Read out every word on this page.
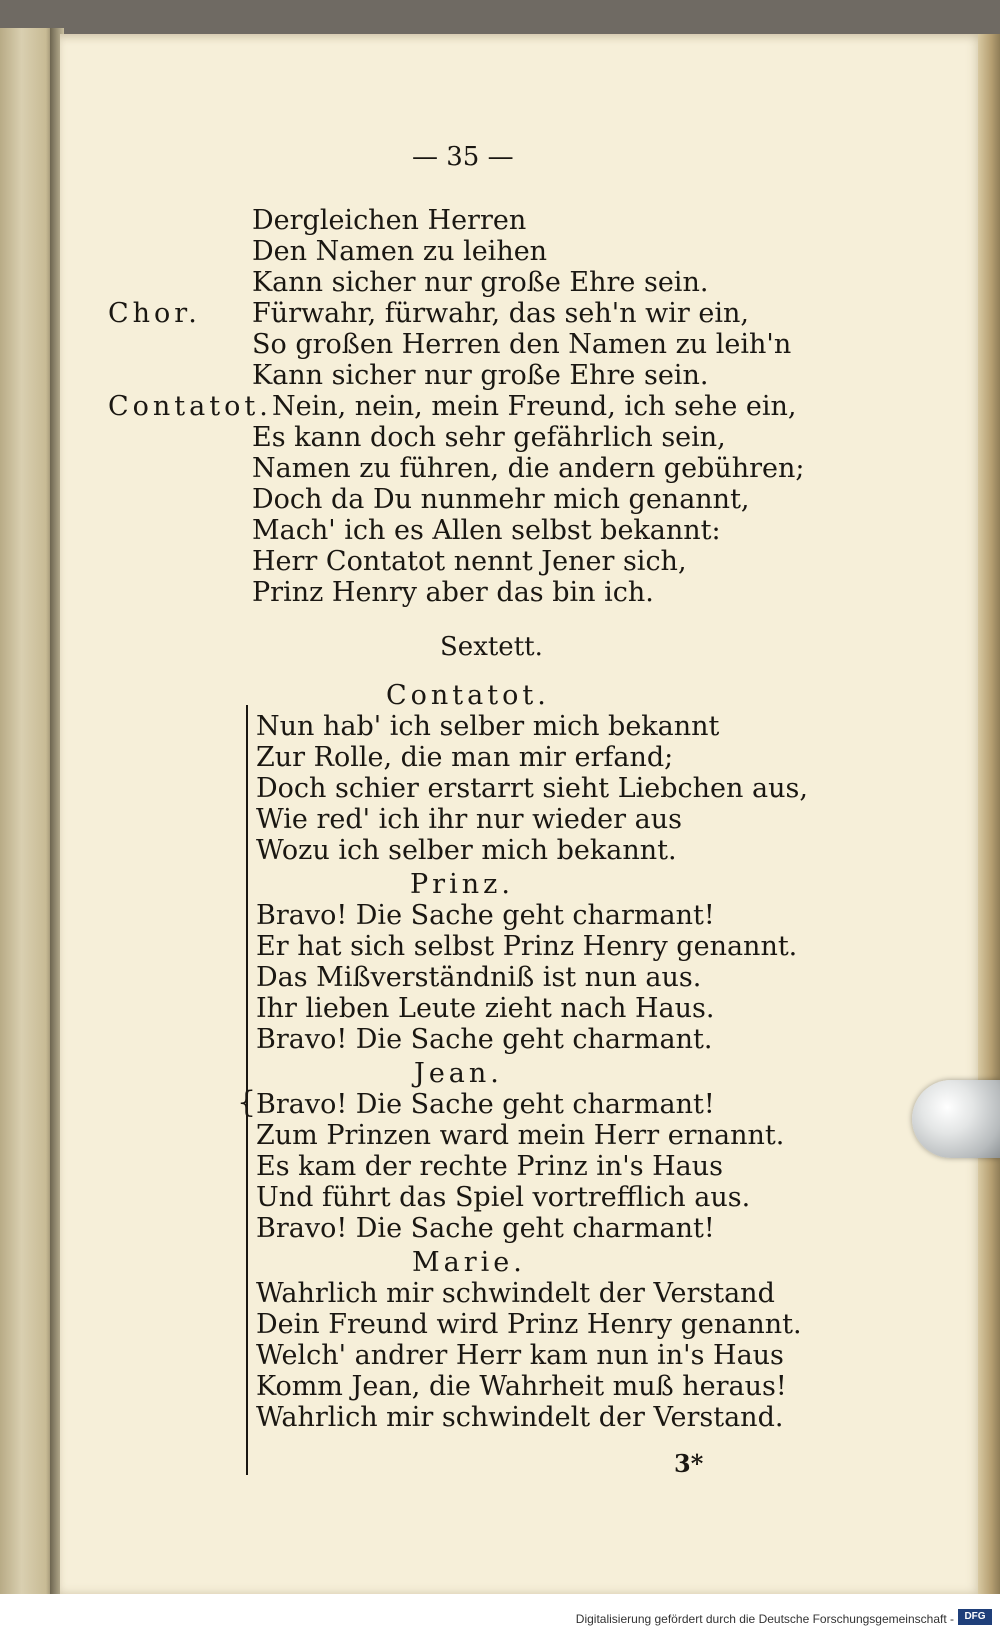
— 35 —
Dergleichen Herren
Den Namen zu leihen
Kann sicher nur große Ehre sein.
Chor. Fürwahr, fürwahr, das seh'n wir ein,
So großen Herren den Namen zu leih'n
Kann sicher nur große Ehre sein.
Contatot. Nein, nein, mein Freund, ich sehe ein,
Es kann doch sehr gefährlich sein,
Namen zu führen, die andern gebühren;
Doch da Du nunmehr mich genannt,
Mach' ich es Allen selbst bekannt:
Herr Contatot nennt Jener sich,
Prinz Henry aber das bin ich.
Sextett.
{
Contatot.
Nun hab' ich selber mich bekannt
Zur Rolle, die man mir erfand;
Doch schier erstarrt sieht Liebchen aus,
Wie red' ich ihr nur wieder aus
Wozu ich selber mich bekannt.
Prinz.
Bravo! Die Sache geht charmant!
Er hat sich selbst Prinz Henry genannt.
Das Mißverständniß ist nun aus.
Ihr lieben Leute zieht nach Haus.
Bravo! Die Sache geht charmant.
Jean.
Bravo! Die Sache geht charmant!
Zum Prinzen ward mein Herr ernannt.
Es kam der rechte Prinz in's Haus
Und führt das Spiel vortrefflich aus.
Bravo! Die Sache geht charmant!
Marie.
Wahrlich mir schwindelt der Verstand
Dein Freund wird Prinz Henry genannt.
Welch' andrer Herr kam nun in's Haus
Komm Jean, die Wahrheit muß heraus!
Wahrlich mir schwindelt der Verstand.
3*
Digitalisierung gefördert durch die Deutsche Forschungsgemeinschaft -	DFG
